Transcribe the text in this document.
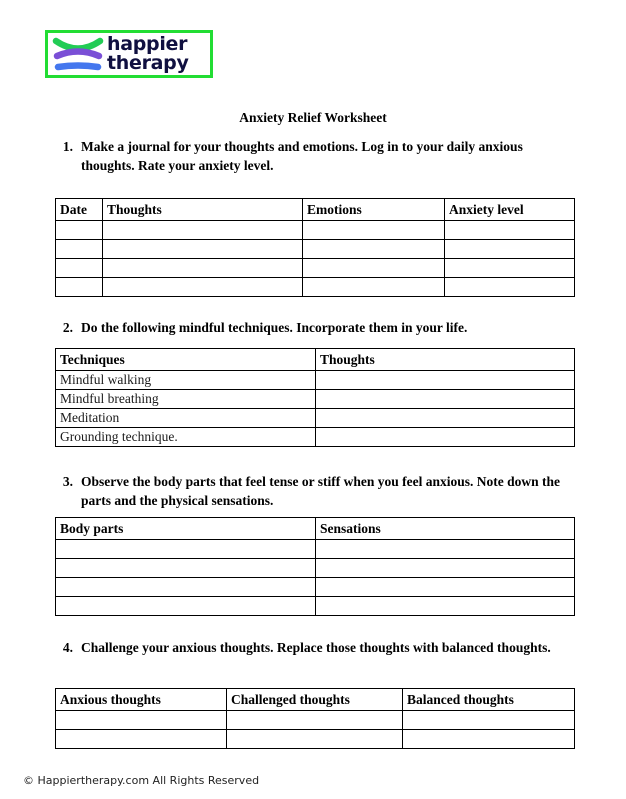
happier
therapy
Anxiety Relief Worksheet
1. Make a journal for your thoughts and emotions. Log in to your daily anxious thoughts. Rate your anxiety level.
2. Do the following mindful techniques. Incorporate them in your life.
3. Observe the body parts that feel tense or stiff when you feel anxious. Note down the parts and the physical sensations.
4. Challenge your anxious thoughts. Replace those thoughts with balanced thoughts.
Date	Thoughts	Emotions	Anxiety level

Techniques	Thoughts
Mindful walking	
Mindful breathing	
Meditation	
Grounding technique.	
Body parts	Sensations

Anxious thoughts	Challenged thoughts	Balanced thoughts

© Happiertherapy.com All Rights Reserved
